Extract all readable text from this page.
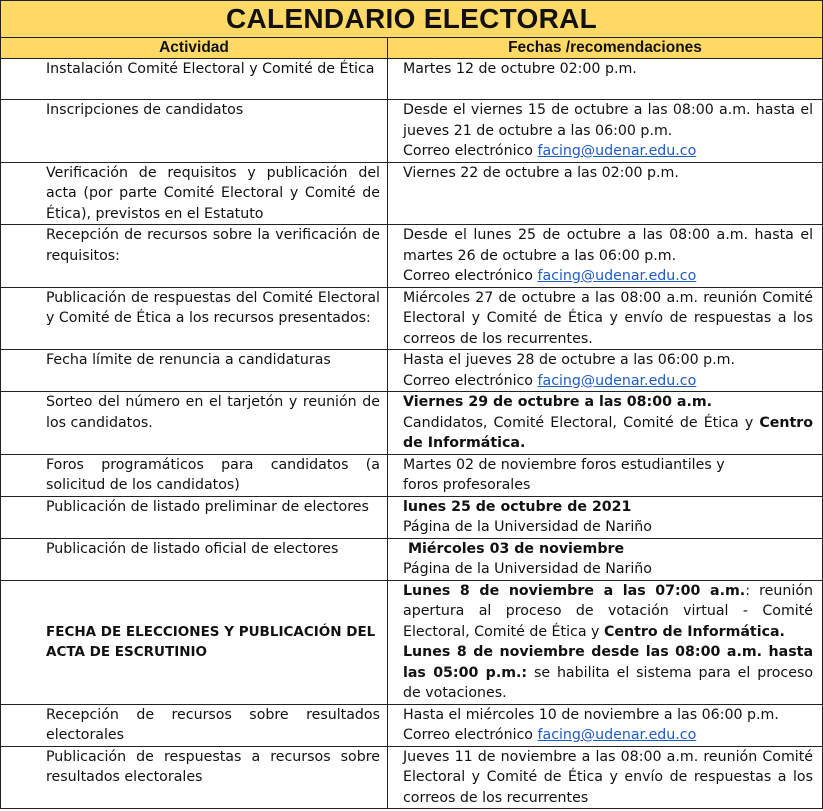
CALENDARIO ELECTORAL	
Actividad	Fechas /recomendaciones
Instalación Comité Electoral y Comité de Ética	Martes 12 de octubre 02:00 p.m.
Inscripciones de candidatos	Desde el viernes 15 de octubre a las 08:00 a.m. hasta el jueves 21 de octubre a las 06:00 p.m.
Correo electrónico facing@udenar.edu.co
Verificación de requisitos y publicación del acta (por parte Comité Electoral y Comité de Ética), previstos en el Estatuto	Viernes 22 de octubre a las 02:00 p.m.
Recepción de recursos sobre la verificación de requisitos:	Desde el lunes 25 de octubre a las 08:00 a.m. hasta el martes 26 de octubre a las 06:00 p.m.
Correo electrónico facing@udenar.edu.co
Publicación de respuestas del Comité Electoral y Comité de Ética a los recursos presentados:	Miércoles 27 de octubre a las 08:00 a.m. reunión Comité Electoral y Comité de Ética y envío de respuestas a los correos de los recurrentes.
Fecha límite de renuncia a candidaturas	Hasta el jueves 28 de octubre a las 06:00 p.m.
Correo electrónico facing@udenar.edu.co
Sorteo del número en el tarjetón y reunión de los candidatos.	Viernes 29 de octubre a las 08:00 a.m.
Candidatos, Comité Electoral, Comité de Ética y Centro de Informática.
Foros programáticos para candidatos (a solicitud de los candidatos)	Martes 02 de noviembre foros estudiantiles y
foros profesorales
Publicación de listado preliminar de electores	lunes 25 de octubre de 2021
Página de la Universidad de Nariño
Publicación de listado oficial de electores	Miércoles 03 de noviembre
Página de la Universidad de Nariño
FECHA DE ELECCIONES Y PUBLICACIÓN DEL ACTA DE ESCRUTINIO	Lunes 8 de noviembre a las 07:00 a.m.: reunión apertura al proceso de votación virtual - Comité Electoral, Comité de Ética y Centro de Informática.
Lunes 8 de noviembre desde las 08:00 a.m. hasta las 05:00 p.m.: se habilita el sistema para el proceso de votaciones.
Recepción de recursos sobre resultados electorales	Hasta el miércoles 10 de noviembre a las 06:00 p.m.
Correo electrónico facing@udenar.edu.co
Publicación de respuestas a recursos sobre resultados electorales	Jueves 11 de noviembre a las 08:00 a.m. reunión Comité Electoral y Comité de Ética y envío de respuestas a los correos de los recurrentes
